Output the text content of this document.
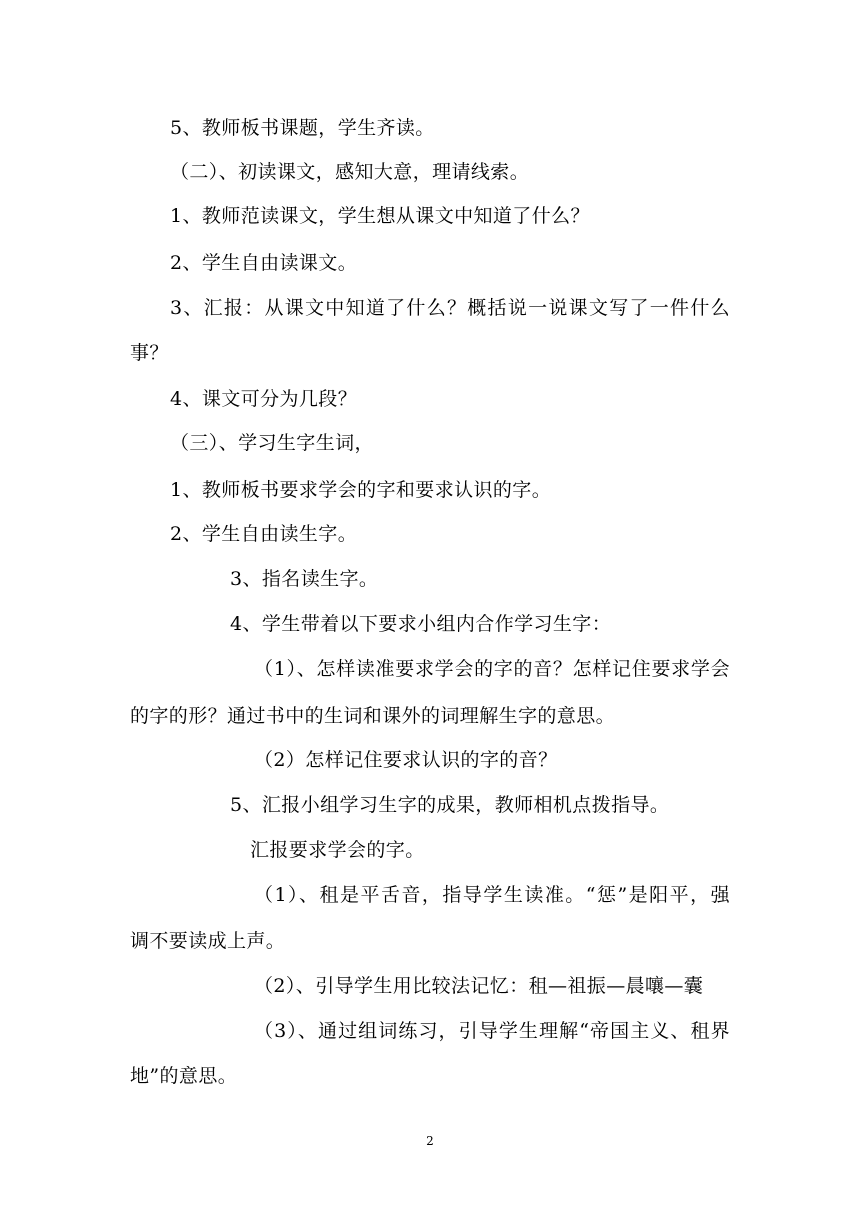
5、教师板书课题，学生齐读。
（二）、初读课文，感知大意，理请线索。
1、教师范读课文，学生想从课文中知道了什么？
2、学生自由读课文。
3、汇报：从课文中知道了什么？概括说一说课文写了一件什么
事？
4、课文可分为几段？
（三）、学习生字生词，
1、教师板书要求学会的字和要求认识的字。
2、学生自由读生字。
3、指名读生字。
4、学生带着以下要求小组内合作学习生字：
（1）、怎样读准要求学会的字的音？怎样记住要求学会
的字的形？通过书中的生词和课外的词理解生字的意思。
（2）怎样记住要求认识的字的音？
5、汇报小组学习生字的成果，教师相机点拨指导。
汇报要求学会的字。
（1）、租是平舌音，指导学生读准。“惩”是阳平，强
调不要读成上声。
（2）、引导学生用比较法记忆：租—祖振—晨嚷—囊
（3）、通过组词练习，引导学生理解“帝国主义、租界
地”的意思。
2
